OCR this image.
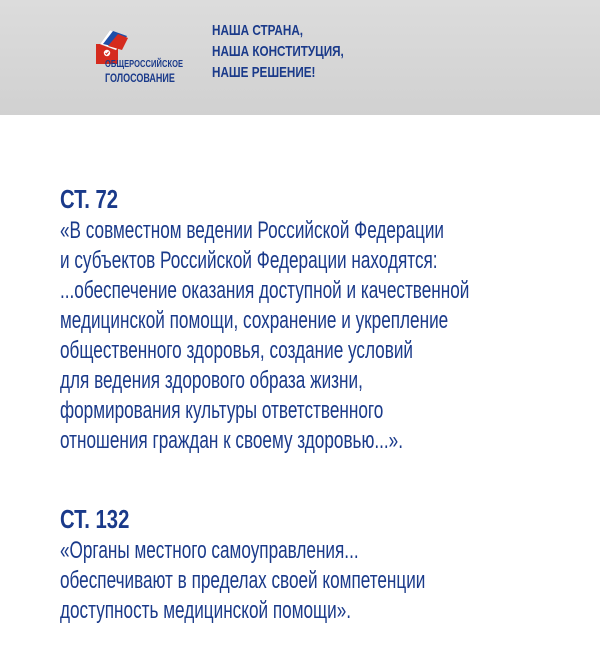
ОБЩЕРОССИЙСКОЕ
ГОЛОСОВАНИЕ
НАША СТРАНА,
НАША КОНСТИТУЦИЯ,
НАШЕ РЕШЕНИЕ!
СТ. 72
«В совместном ведении Российской Федерации
и субъектов Российской Федерации находятся:
...обеспечение оказания доступной и качественной
медицинской помощи, сохранение и укрепление
общественного здоровья, создание условий
для ведения здорового образа жизни,
формирования культуры ответственного
отношения граждан к своему здоровью...».
СТ. 132
«Органы местного самоуправления...
обеспечивают в пределах своей компетенции
доступность медицинской помощи».
